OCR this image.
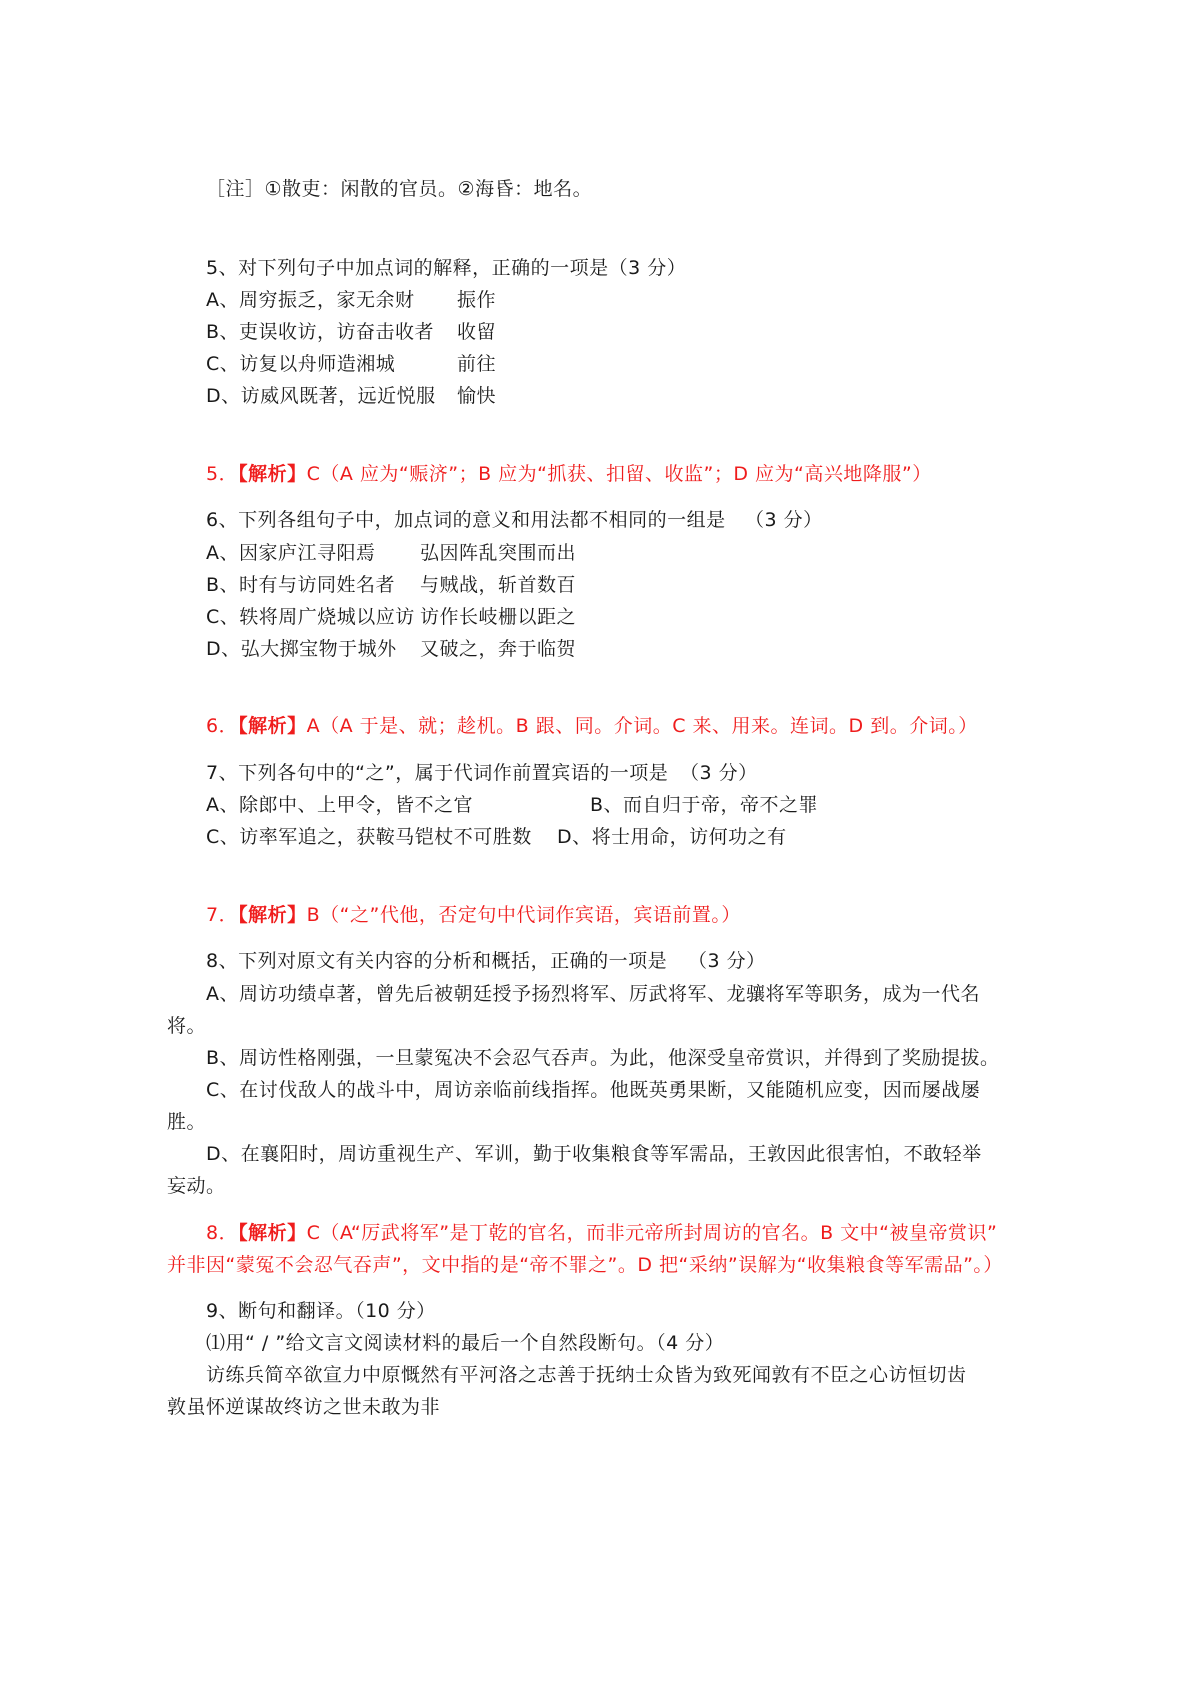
［注］①散吏：闲散的官员。②海昏：地名。
5、对下列句子中加点词的解释，正确的一项是（3 分）
A、周穷振乏，家无余财 振作
B、吏误收访，访奋击收者 收留
C、访复以舟师造湘城	前往
D、访威风既著，远近悦服 愉快
5．【解析】C（A 应为“赈济”；B 应为“抓获、扣留、收监”；D 应为“高兴地降服”）
6、下列各组句子中，加点词的意义和用法都不相同的一组是 （3 分）
A、因家庐江寻阳焉 弘因阵乱突围而出
B、时有与访同姓名者 与贼战，斩首数百
C、轶将周广烧城以应访 访作长岐栅以距之
D、弘大掷宝物于城外 又破之，奔于临贺
6．【解析】A（A 于是、就；趁机。B 跟、同。介词。C 来、用来。连词。D 到。介词。）
7、下列各句中的“之”，属于代词作前置宾语的一项是 （3 分）
A、除郎中、上甲令，皆不之官	B、而自归于帝，帝不之罪
C、访率军追之，获鞍马铠杖不可胜数 D、将士用命，访何功之有
7．【解析】B（“之”代他，否定句中代词作宾语，宾语前置。）
8、下列对原文有关内容的分析和概括，正确的一项是 （3 分）
A、周访功绩卓著，曾先后被朝廷授予扬烈将军、厉武将军、龙骧将军等职务，成为一代名
将。
B、周访性格刚强，一旦蒙冤决不会忍气吞声。为此，他深受皇帝赏识，并得到了奖励提拔。
C、在讨伐敌人的战斗中，周访亲临前线指挥。他既英勇果断，又能随机应变，因而屡战屡
胜。
D、在襄阳时，周访重视生产、军训，勤于收集粮食等军需品，王敦因此很害怕，不敢轻举
妄动。
8．【解析】C（A“厉武将军”是丁乾的官名，而非元帝所封周访的官名。B 文中“被皇帝赏识”
并非因“蒙冤不会忍气吞声”，文中指的是“帝不罪之”。D 把“采纳”误解为“收集粮食等军需品”。）
9、断句和翻译。（10 分）
⑴用“ / ”给文言文阅读材料的最后一个自然段断句。（4 分）
访练兵简卒欲宣力中原慨然有平河洛之志善于抚纳士众皆为致死闻敦有不臣之心访恒切齿
敦虽怀逆谋故终访之世未敢为非
